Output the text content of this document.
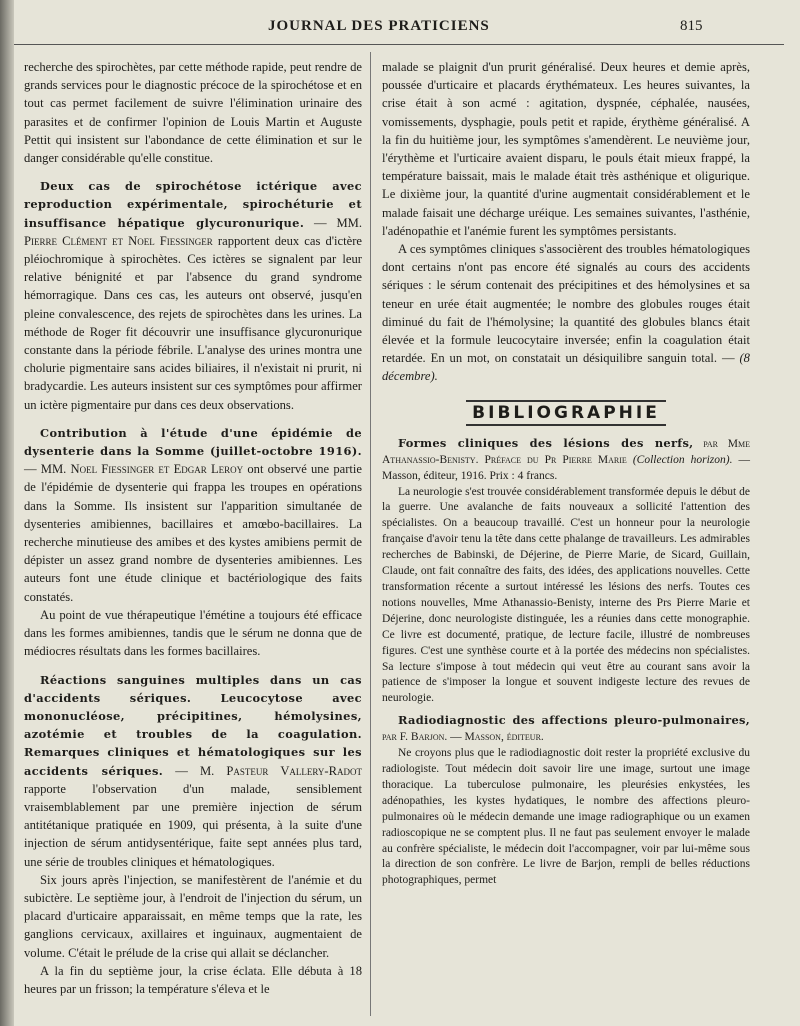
JOURNAL DES PRATICIENS	815

recherche des spirochètes, par cette méthode rapide, peut rendre de grands services pour le diagnostic précoce de la spirochétose et en tout cas permet facilement de suivre l'élimination urinaire des parasites et de confirmer l'opinion de Louis Martin et Auguste Pettit qui insistent sur l'abondance de cette élimination et sur le danger considérable qu'elle constitue.

Deux cas de spirochétose ictérique avec reproduction expérimentale, spirochéturie et insuffisance hépatique glycuronurique. — MM. Pierre Clément et Noel Fiessinger rapportent deux cas d'ictère pléiochromique à spirochètes. Ces ictères se signalent par leur relative bénignité et par l'absence du grand syndrome hémorragique. Dans ces cas, les auteurs ont observé, jusqu'en pleine convalescence, des rejets de spirochètes dans les urines. La méthode de Roger fit découvrir une insuffisance glycuronurique constante dans la période fébrile. L'analyse des urines montra une cholurie pigmentaire sans acides biliaires, il n'existait ni prurit, ni bradycardie. Les auteurs insistent sur ces symptômes pour affirmer un ictère pigmentaire pur dans ces deux observations.

Contribution à l'étude d'une épidémie de dysenterie dans la Somme (juillet-octobre 1916). — MM. Noel Fiessinger et Edgar Leroy ont observé une partie de l'épidémie de dysenterie qui frappa les troupes en opérations dans la Somme. Ils insistent sur l'apparition simultanée de dysenteries amibiennes, bacillaires et amœbo-bacillaires. La recherche minutieuse des amibes et des kystes amibiens permit de dépister un assez grand nombre de dysenteries amibiennes. Les auteurs font une étude clinique et bactériologique des faits constatés.

Au point de vue thérapeutique l'émétine a toujours été efficace dans les formes amibiennes, tandis que le sérum ne donna que de médiocres résultats dans les formes bacillaires.

Réactions sanguines multiples dans un cas d'accidents sériques. Leucocytose avec mononucléose, précipitines, hémolysines, azotémie et troubles de la coagulation. Remarques cliniques et hématologiques sur les accidents sériques. — M. Pasteur Vallery-Radot rapporte l'observation d'un malade, sensiblement vraisemblablement par une première injection de sérum antitétanique pratiquée en 1909, qui présenta, à la suite d'une injection de sérum antidysentérique, faite sept années plus tard, une série de troubles cliniques et hématologiques.

Six jours après l'injection, se manifestèrent de l'anémie et du subictère. Le septième jour, à l'endroit de l'injection du sérum, un placard d'urticaire apparaissait, en même temps que la rate, les ganglions cervicaux, axillaires et inguinaux, augmentaient de volume. C'était le prélude de la crise qui allait se déclancher.

A la fin du septième jour, la crise éclata. Elle débuta à 18 heures par un frisson; la température s'éleva et le

malade se plaignit d'un prurit généralisé. Deux heures et demie après, poussée d'urticaire et placards érythémateux. Les heures suivantes, la crise était à son acmé : agitation, dyspnée, céphalée, nausées, vomissements, dysphagie, pouls petit et rapide, érythème généralisé. A la fin du huitième jour, les symptômes s'amendèrent. Le neuvième jour, l'érythème et l'urticaire avaient disparu, le pouls était mieux frappé, la température baissait, mais le malade était très asthénique et oligurique. Le dixième jour, la quantité d'urine augmentait considérablement et le malade faisait une décharge uréique. Les semaines suivantes, l'asthénie, l'adénopathie et l'anémie furent les symptômes persistants.

A ces symptômes cliniques s'associèrent des troubles hématologiques dont certains n'ont pas encore été signalés au cours des accidents sériques : le sérum contenait des précipitines et des hémolysines et sa teneur en urée était augmentée; le nombre des globules rouges était diminué du fait de l'hémolysine; la quantité des globules blancs était élevée et la formule leucocytaire inversée; enfin la coagulation était retardée. En un mot, on constatait un désiquilibre sanguin total. — (8 décembre).

BIBLIOGRAPHIE

Formes cliniques des lésions des nerfs, par Mme Athanassio-Benisty. Préface du Pr Pierre Marie (Collection horizon). — Masson, éditeur, 1916. Prix : 4 francs.

La neurologie s'est trouvée considérablement transformée depuis le début de la guerre. Une avalanche de faits nouveaux a sollicité l'attention des spécialistes. On a beaucoup travaillé. C'est un honneur pour la neurologie française d'avoir tenu la tête dans cette phalange de travailleurs. Les admirables recherches de Babinski, de Déjerine, de Pierre Marie, de Sicard, Guillain, Claude, ont fait connaître des faits, des idées, des applications nouvelles. Cette transformation récente a surtout intéressé les lésions des nerfs. Toutes ces notions nouvelles, Mme Athanassio-Benisty, interne des Prs Pierre Marie et Déjerine, donc neurologiste distinguée, les a réunies dans cette monographie. Ce livre est documenté, pratique, de lecture facile, illustré de nombreuses figures. C'est une synthèse courte et à la portée des médecins non spécialistes. Sa lecture s'impose à tout médecin qui veut être au courant sans avoir la patience de s'imposer la longue et souvent indigeste lecture des revues de neurologie.

Radiodiagnostic des affections pleuro-pulmonaires, par F. Barjon. — Masson, éditeur.

Ne croyons plus que le radiodiagnostic doit rester la propriété exclusive du radiologiste. Tout médecin doit savoir lire une image, surtout une image thoracique. La tuberculose pulmonaire, les pleurésies enkystées, les adénopathies, les kystes hydatiques, le nombre des affections pleuro-pulmonaires où le médecin demande une image radiographique ou un examen radioscopique ne se comptent plus. Il ne faut pas seulement envoyer le malade au confrère spécialiste, le médecin doit l'accompagner, voir par lui-même sous la direction de son confrère. Le livre de Barjon, rempli de belles réductions photographiques, permet
